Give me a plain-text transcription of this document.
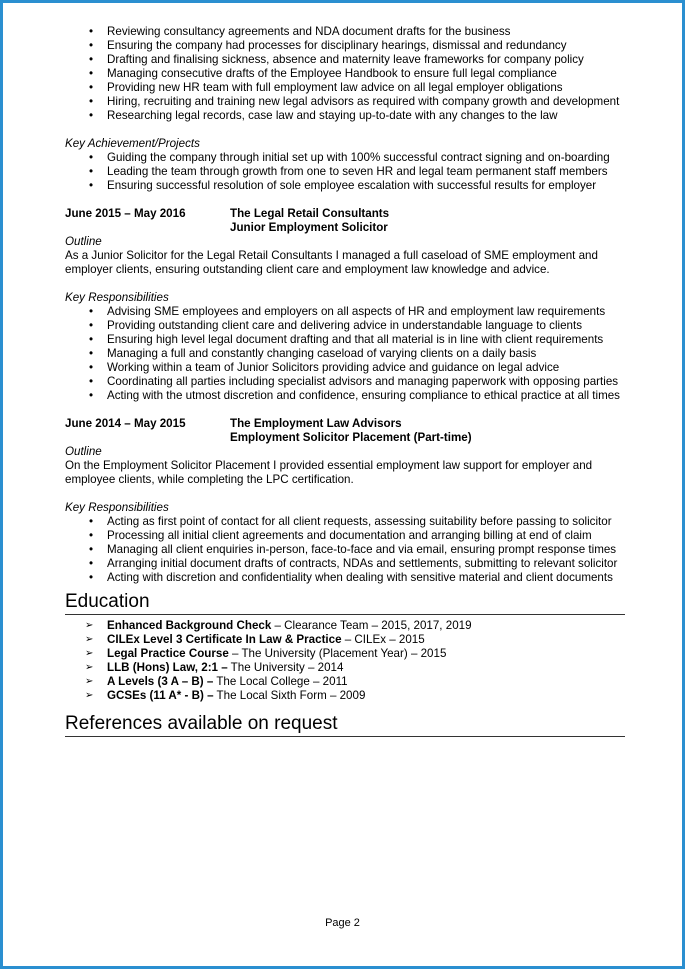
• Reviewing consultancy agreements and NDA document drafts for the business
• Ensuring the company had processes for disciplinary hearings, dismissal and redundancy
• Drafting and finalising sickness, absence and maternity leave frameworks for company policy
• Managing consecutive drafts of the Employee Handbook to ensure full legal compliance
• Providing new HR team with full employment law advice on all legal employer obligations
• Hiring, recruiting and training new legal advisors as required with company growth and development
• Researching legal records, case law and staying up-to-date with any changes to the law
Key Achievement/Projects
• Guiding the company through initial set up with 100% successful contract signing and on-boarding
• Leading the team through growth from one to seven HR and legal team permanent staff members
• Ensuring successful resolution of sole employee escalation with successful results for employer
June 2015 – May 2016	The Legal Retail Consultants
Junior Employment Solicitor
Outline
As a Junior Solicitor for the Legal Retail Consultants I managed a full caseload of SME employment and employer clients, ensuring outstanding client care and employment law knowledge and advice.
Key Responsibilities
• Advising SME employees and employers on all aspects of HR and employment law requirements
• Providing outstanding client care and delivering advice in understandable language to clients
• Ensuring high level legal document drafting and that all material is in line with client requirements
• Managing a full and constantly changing caseload of varying clients on a daily basis
• Working within a team of Junior Solicitors providing advice and guidance on legal advice
• Coordinating all parties including specialist advisors and managing paperwork with opposing parties
• Acting with the utmost discretion and confidence, ensuring compliance to ethical practice at all times
June 2014 – May 2015	The Employment Law Advisors
Employment Solicitor Placement (Part-time)
Outline
On the Employment Solicitor Placement I provided essential employment law support for employer and employee clients, while completing the LPC certification.
Key Responsibilities
• Acting as first point of contact for all client requests, assessing suitability before passing to solicitor
• Processing all initial client agreements and documentation and arranging billing at end of claim
• Managing all client enquiries in-person, face-to-face and via email, ensuring prompt response times
• Arranging initial document drafts of contracts, NDAs and settlements, submitting to relevant solicitor
• Acting with discretion and confidentiality when dealing with sensitive material and client documents
Education
➢ Enhanced Background Check – Clearance Team – 2015, 2017, 2019
➢ CILEx Level 3 Certificate In Law & Practice – CILEx – 2015
➢ Legal Practice Course – The University (Placement Year) – 2015
➢ LLB (Hons) Law, 2:1 – The University – 2014
➢ A Levels (3 A – B) – The Local College – 2011
➢ GCSEs (11 A* - B) – The Local Sixth Form – 2009
References available on request
Page 2
